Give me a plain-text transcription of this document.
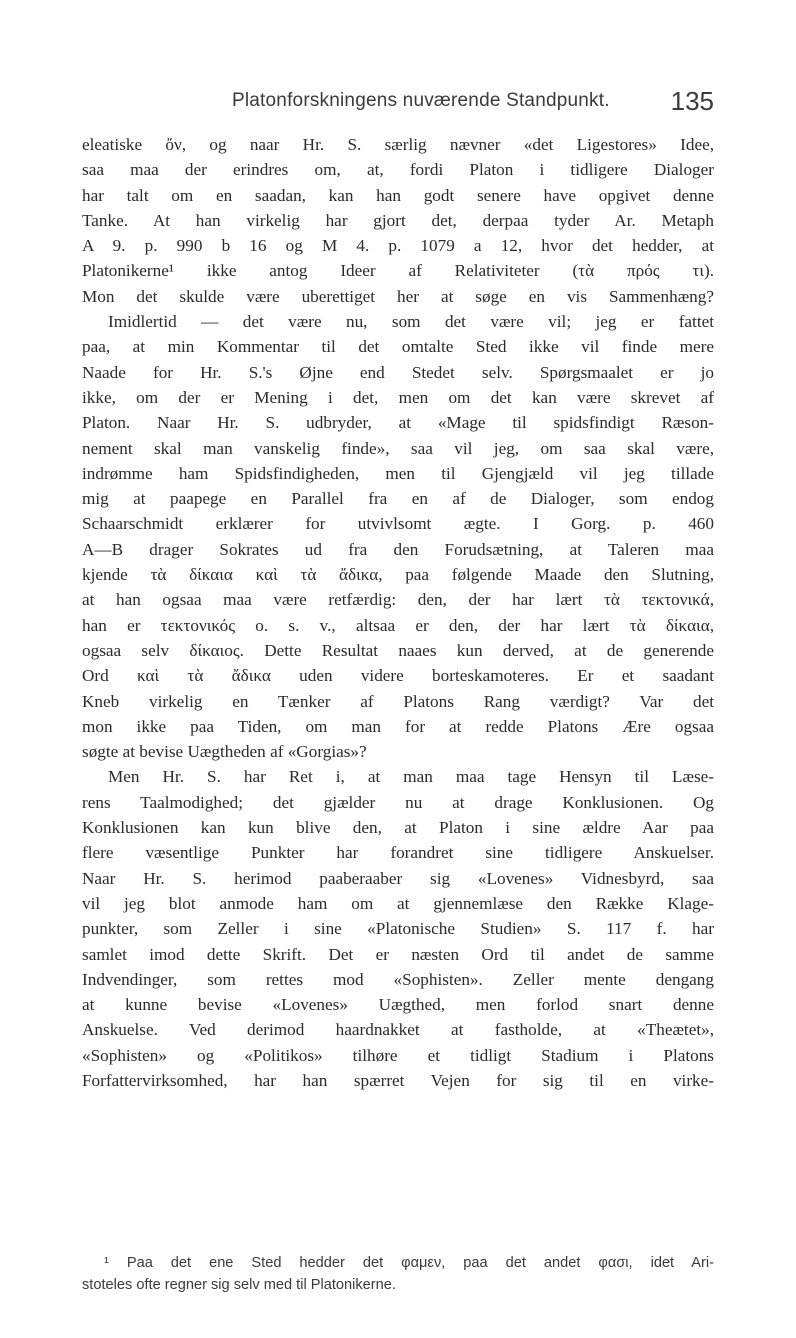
Platonforskningens nuværende Standpunkt. 135
eleatiske ὄν, og naar Hr. S. særlig nævner «det Ligestores» Idee,
saa maa der erindres om, at, fordi Platon i tidligere Dialoger
har talt om en saadan, kan han godt senere have opgivet denne
Tanke. At han virkelig har gjort det, derpaa tyder Ar. Metaph
A 9. p. 990 b 16 og M 4. p. 1079 a 12, hvor det hedder, at
Platonikerne¹ ikke antog Ideer af Relativiteter (τὰ πρός τι).
Mon det skulde være uberettiget her at søge en vis Sammenhæng?
Imidlertid — det være nu, som det være vil; jeg er fattet
paa, at min Kommentar til det omtalte Sted ikke vil finde mere
Naade for Hr. S.'s Øjne end Stedet selv. Spørgsmaalet er jo
ikke, om der er Mening i det, men om det kan være skrevet af
Platon. Naar Hr. S. udbryder, at «Mage til spidsfindigt Ræson-
nement skal man vanskelig finde», saa vil jeg, om saa skal være,
indrømme ham Spidsfindigheden, men til Gjengjæld vil jeg tillade
mig at paapege en Parallel fra en af de Dialoger, som endog
Schaarschmidt erklærer for utvivlsomt ægte. I Gorg. p. 460
A—B drager Sokrates ud fra den Forudsætning, at Taleren maa
kjende τὰ δίκαια καὶ τὰ ἄδικα, paa følgende Maade den Slutning,
at han ogsaa maa være retfærdig: den, der har lært τὰ τεκτονικά,
han er τεκτονικός o. s. v., altsaa er den, der har lært τὰ δίκαια,
ogsaa selv δίκαιος. Dette Resultat naaes kun derved, at de generende
Ord καὶ τὰ ἄδικα uden videre borteskamoteres. Er et saadant
Kneb virkelig en Tænker af Platons Rang værdigt? Var det
mon ikke paa Tiden, om man for at redde Platons Ære ogsaa
søgte at bevise Uægtheden af «Gorgias»?
Men Hr. S. har Ret i, at man maa tage Hensyn til Læse-
rens Taalmodighed; det gjælder nu at drage Konklusionen. Og
Konklusionen kan kun blive den, at Platon i sine ældre Aar paa
flere væsentlige Punkter har forandret sine tidligere Anskuelser.
Naar Hr. S. herimod paaberaaber sig «Lovenes» Vidnesbyrd, saa
vil jeg blot anmode ham om at gjennemlæse den Række Klage-
punkter, som Zeller i sine «Platonische Studien» S. 117 f. har
samlet imod dette Skrift. Det er næsten Ord til andet de samme
Indvendinger, som rettes mod «Sophisten». Zeller mente dengang
at kunne bevise «Lovenes» Uægthed, men forlod snart denne
Anskuelse. Ved derimod haardnakket at fastholde, at «Theætet»,
«Sophisten» og «Politikos» tilhøre et tidligt Stadium i Platons
Forfattervirksomhed, har han spærret Vejen for sig til en virke-
¹ Paa det ene Sted hedder det φαμεν, paa det andet φασι, idet Ari-
stoteles ofte regner sig selv med til Platonikerne.
